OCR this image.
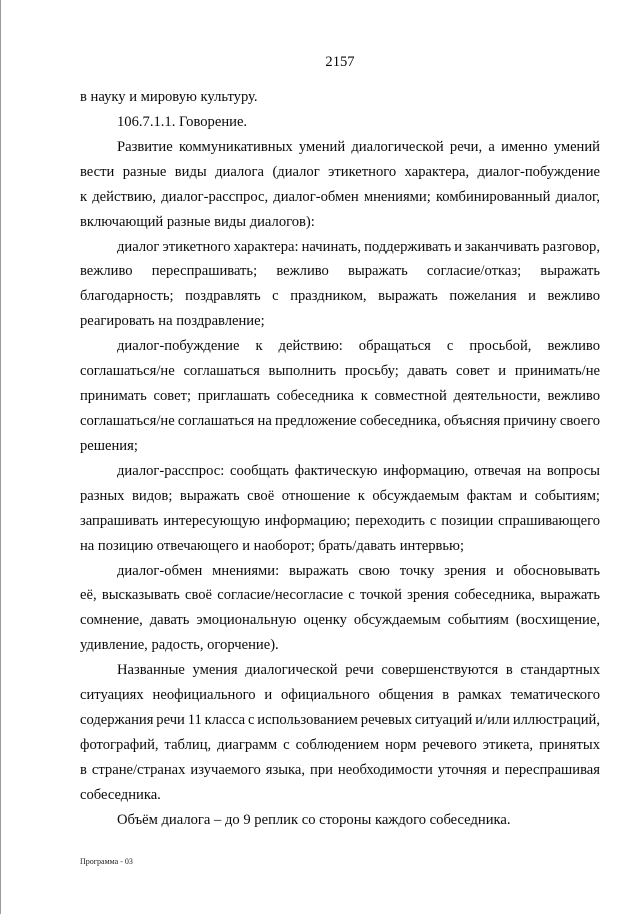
2157
в науку и мировую культуру.
106.7.1.1. Говорение.
Развитие коммуникативных умений диалогической речи, а именно умений
вести разные виды диалога (диалог этикетного характера, диалог-побуждение
к действию, диалог-расспрос, диалог-обмен мнениями; комбинированный диалог,
включающий разные виды диалогов):
диалог этикетного характера: начинать, поддерживать и заканчивать разговор,
вежливо переспрашивать; вежливо выражать согласие/отказ; выражать
благодарность; поздравлять с праздником, выражать пожелания и вежливо
реагировать на поздравление;
диалог-побуждение к действию: обращаться с просьбой, вежливо
соглашаться/не соглашаться выполнить просьбу; давать совет и принимать/не
принимать совет; приглашать собеседника к совместной деятельности, вежливо
соглашаться/не соглашаться на предложение собеседника, объясняя причину своего
решения;
диалог-расспрос: сообщать фактическую информацию, отвечая на вопросы
разных видов; выражать своё отношение к обсуждаемым фактам и событиям;
запрашивать интересующую информацию; переходить с позиции спрашивающего
на позицию отвечающего и наоборот; брать/давать интервью;
диалог-обмен мнениями: выражать свою точку зрения и обосновывать
её, высказывать своё согласие/несогласие с точкой зрения собеседника, выражать
сомнение, давать эмоциональную оценку обсуждаемым событиям (восхищение,
удивление, радость, огорчение).
Названные умения диалогической речи совершенствуются в стандартных
ситуациях неофициального и официального общения в рамках тематического
содержания речи 11 класса с использованием речевых ситуаций и/или иллюстраций,
фотографий, таблиц, диаграмм с соблюдением норм речевого этикета, принятых
в стране/странах изучаемого языка, при необходимости уточняя и переспрашивая
собеседника.
Объём диалога – до 9 реплик со стороны каждого собеседника.
Программа - 03
